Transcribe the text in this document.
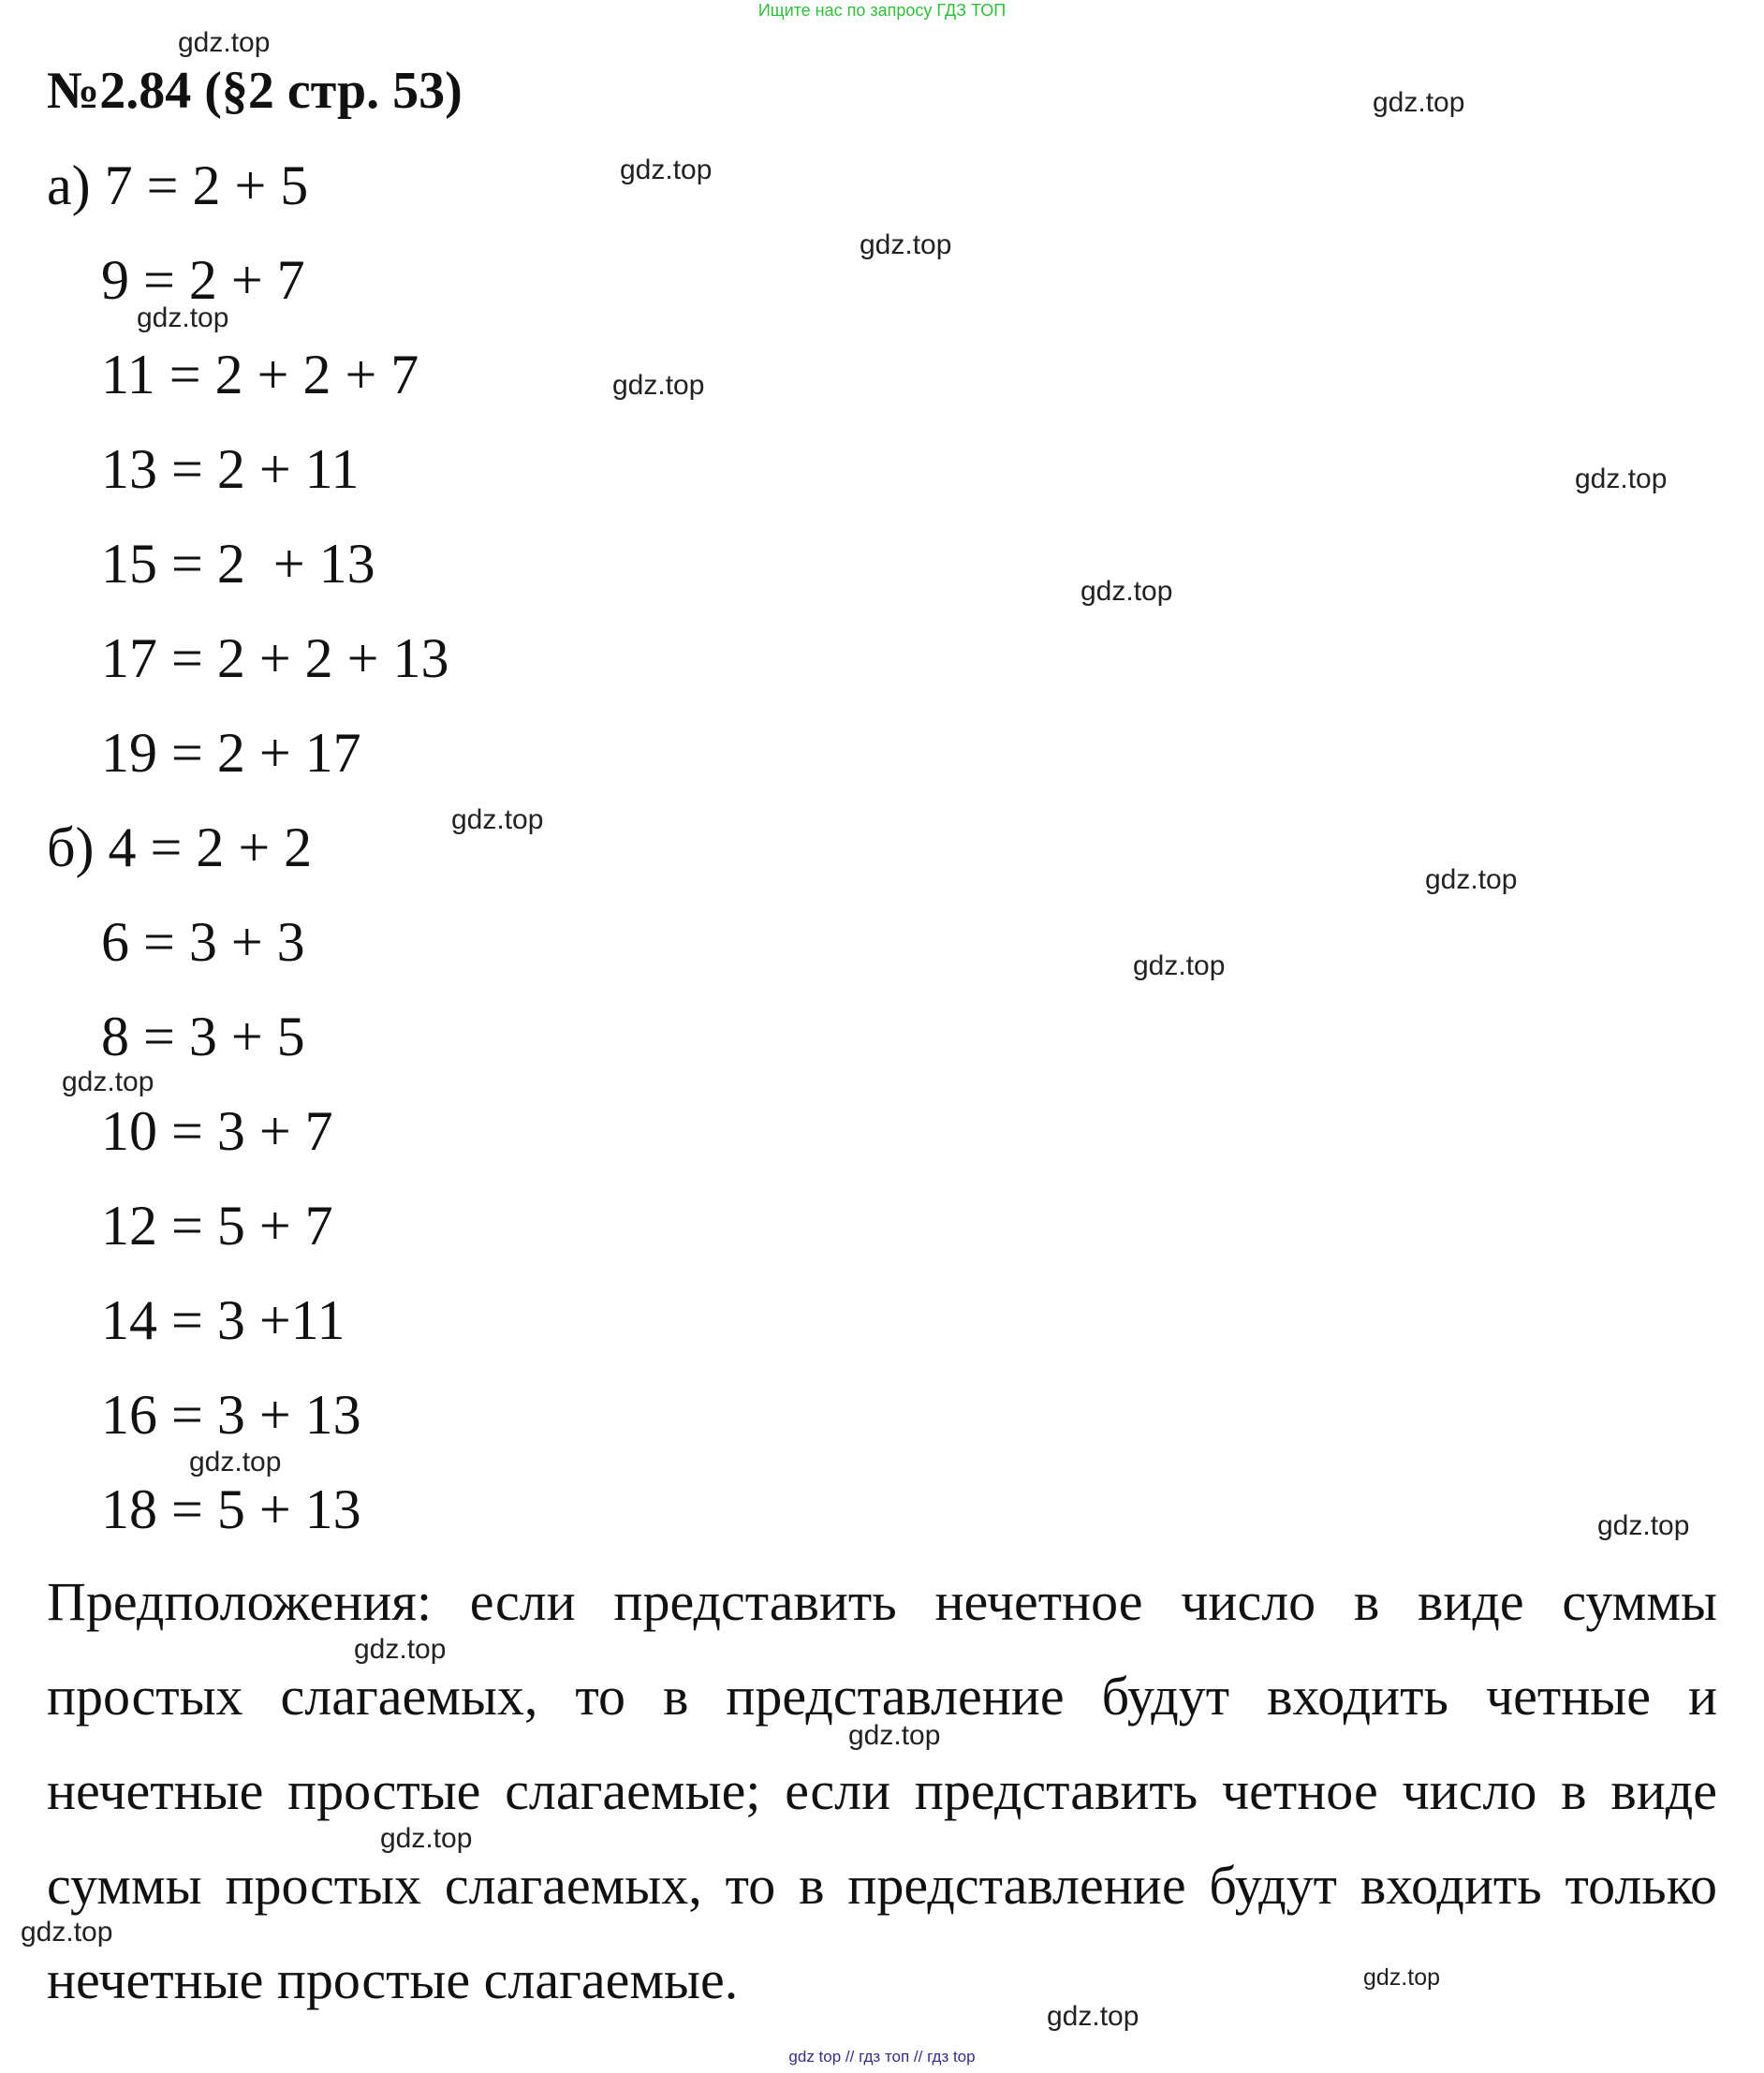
Ищите нас по запросу ГДЗ ТОП
№2.84 (§2 стр. 53)
а) 7 = 2 + 5
9 = 2 + 7
11 = 2 + 2 + 7
13 = 2 + 11
15 = 2  + 13
17 = 2 + 2 + 13
19 = 2 + 17
б) 4 = 2 + 2
6 = 3 + 3
8 = 3 + 5
10 = 3 + 7
12 = 5 + 7
14 = 3 +11
16 = 3 + 13
18 = 5 + 13
Предположения: если представить нечетное число в виде суммы
простых слагаемых, то в представление будут входить четные и
нечетные простые слагаемые; если представить четное число в виде
суммы простых слагаемых, то в представление будут входить только
нечетные простые слагаемые.
gdz.top
gdz.top
gdz.top
gdz.top
gdz.top
gdz.top
gdz.top
gdz.top
gdz.top
gdz.top
gdz.top
gdz.top
gdz.top
gdz.top
gdz.top
gdz.top
gdz.top
gdz.top
gdz.top
gdz.top
gdz top // гдз топ // гдз top
